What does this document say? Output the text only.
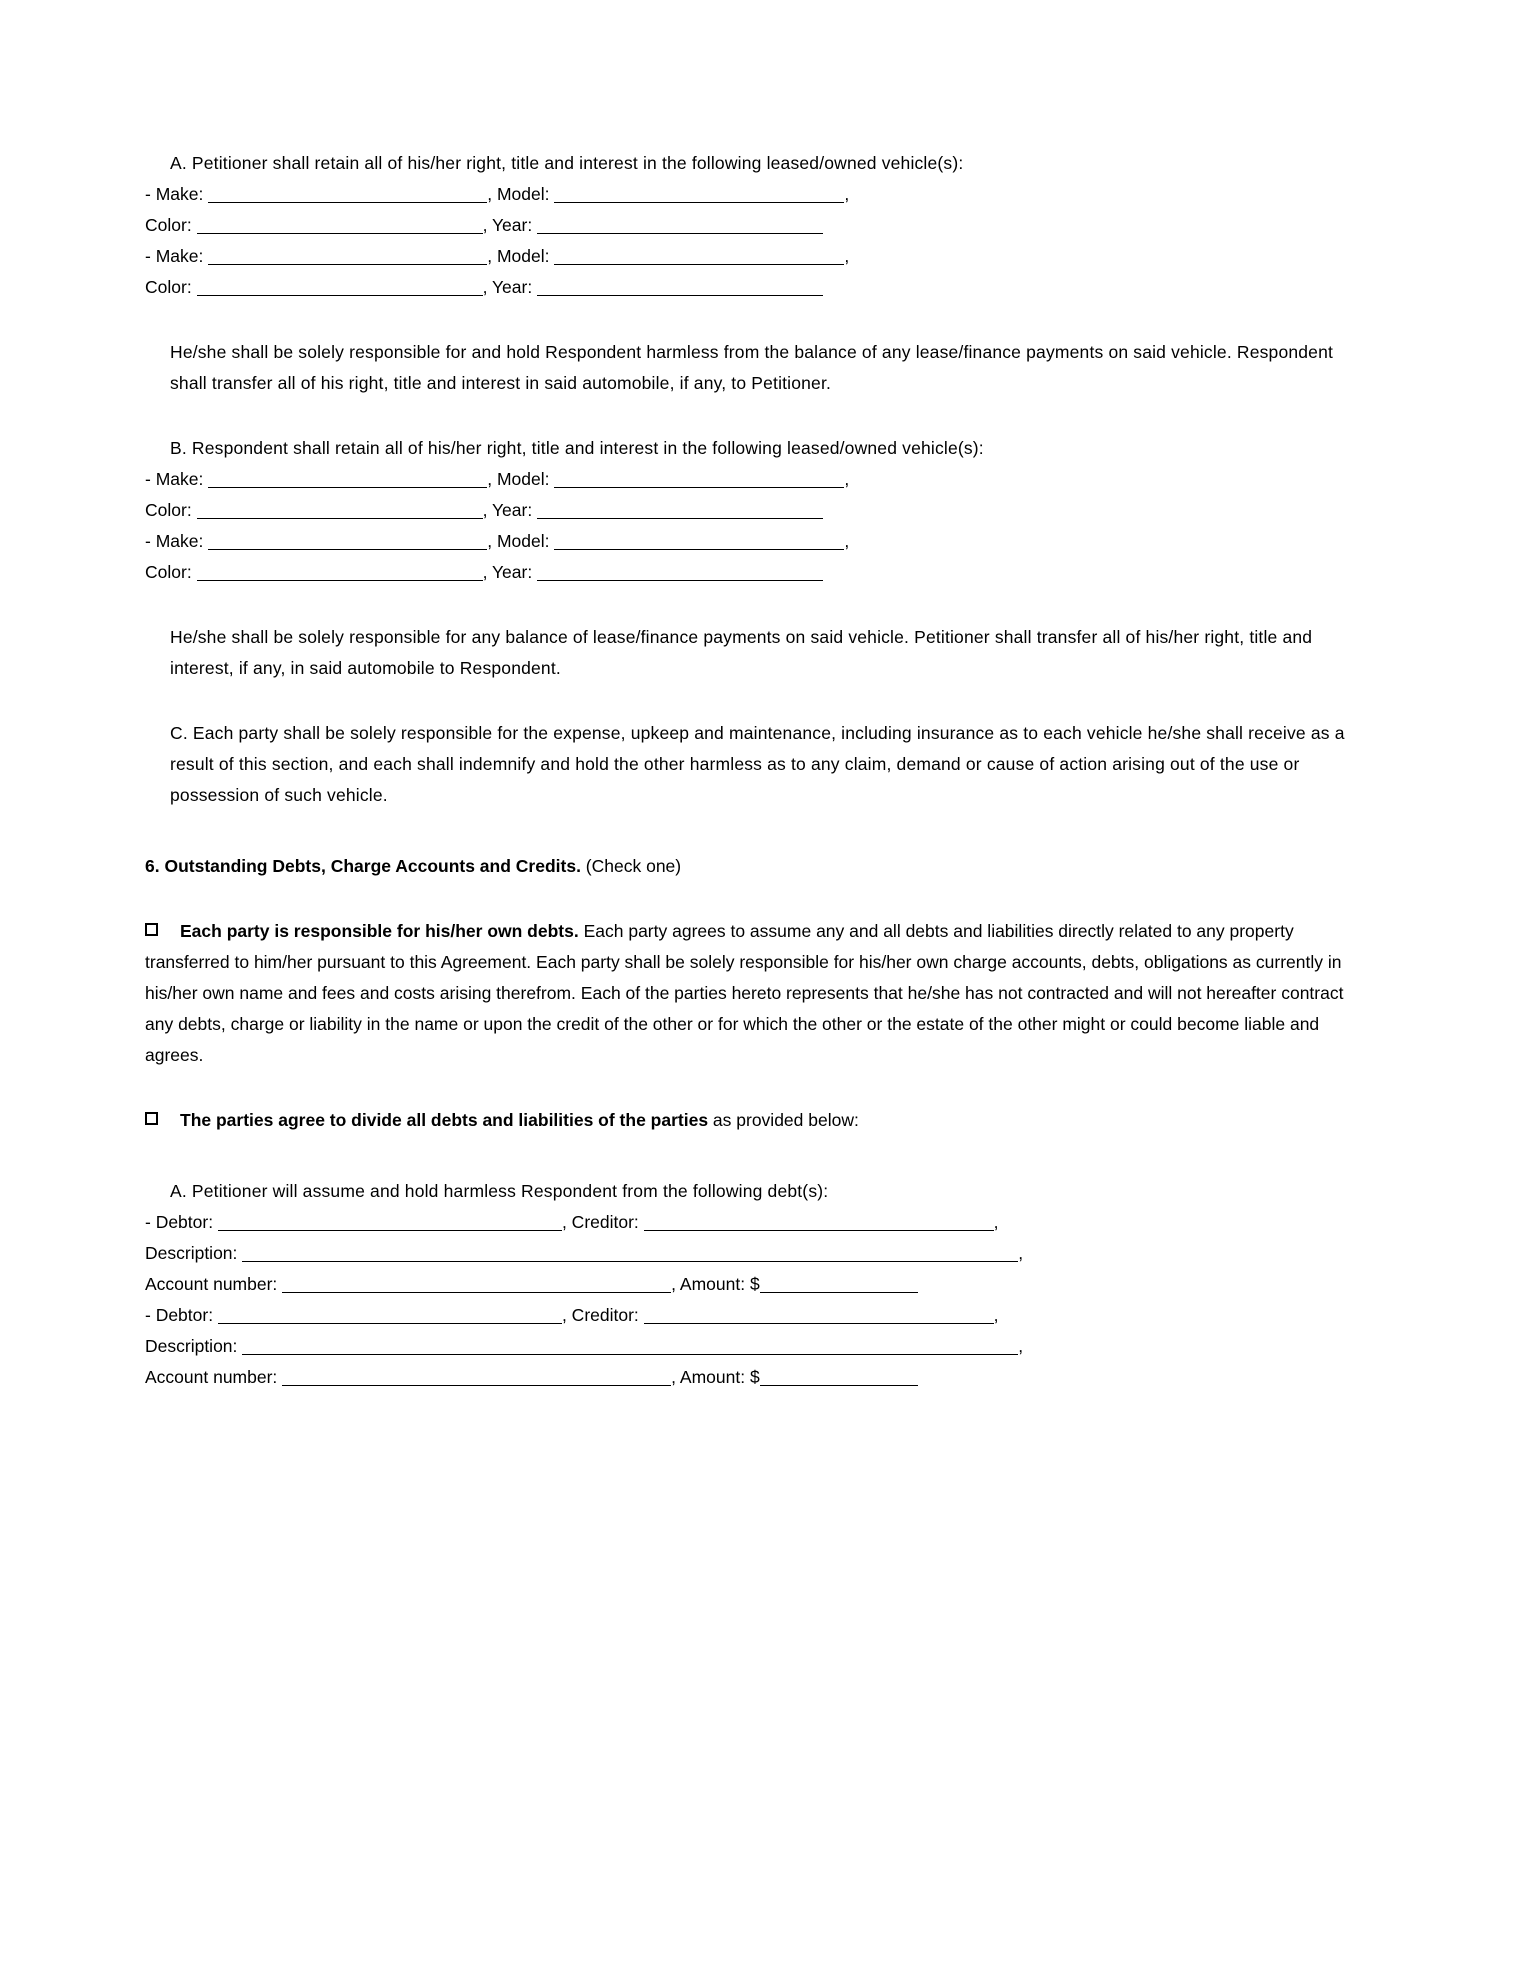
A. Petitioner shall retain all of his/her right, title and interest in the following leased/owned vehicle(s):

- Make:	, Model:	,
Color:	, Year:
- Make:	, Model:	,
Color:	, Year:

He/she shall be solely responsible for and hold Respondent harmless from the balance of any lease/finance payments on said vehicle. Respondent shall transfer all of his right, title and interest in said automobile, if any, to Petitioner.

B. Respondent shall retain all of his/her right, title and interest in the following leased/owned vehicle(s):

- Make:	, Model:	,
Color:	, Year:
- Make:	, Model:	,
Color:	, Year:

He/she shall be solely responsible for any balance of lease/finance payments on said vehicle. Petitioner shall transfer all of his/her right, title and interest, if any, in said automobile to Respondent.

C. Each party shall be solely responsible for the expense, upkeep and maintenance, including insurance as to each vehicle he/she shall receive as a result of this section, and each shall indemnify and hold the other harmless as to any claim, demand or cause of action arising out of the use or possession of such vehicle.

6. Outstanding Debts, Charge Accounts and Credits. (Check one)

Each party is responsible for his/her own debts. Each party agrees to assume any and all debts and liabilities directly related to any property transferred to him/her pursuant to this Agreement. Each party shall be solely responsible for his/her own charge accounts, debts, obligations as currently in his/her own name and fees and costs arising therefrom. Each of the parties hereto represents that he/she has not contracted and will not hereafter contract any debts, charge or liability in the name or upon the credit of the other or for which the other or the estate of the other might or could become liable and agrees.
The parties agree to divide all debts and liabilities of the parties as provided below:

A. Petitioner will assume and hold harmless Respondent from the following debt(s):

- Debtor:	, Creditor:	,
Description:	,
Account number:	, Amount: $
- Debtor:	, Creditor:	,
Description:	,
Account number:	, Amount: $
